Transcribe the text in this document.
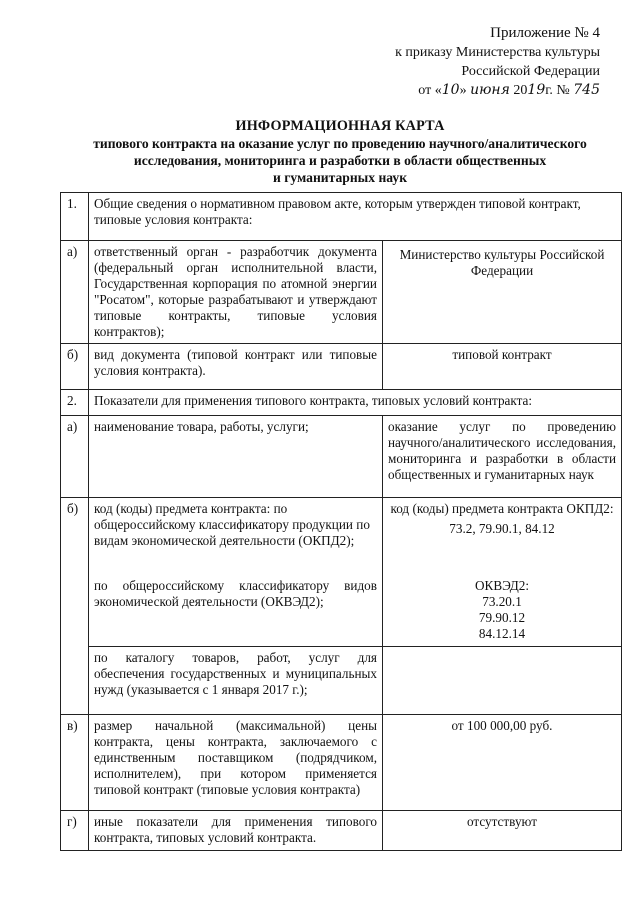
Приложение № 4
к приказу Министерства культуры
Российской Федерации
от «10» июня 2019г. № 745
ИНФОРМАЦИОННАЯ КАРТА
типового контракта на оказание услуг по проведению научного/аналитического
исследования, мониторинга и разработки в области общественных
и гуманитарных наук
1.	Общие сведения о нормативном правовом акте, которым утвержден типовой контракт, типовые условия контракта:	
а)	ответственный орган - разработчик документа (федеральный орган исполнительной власти, Государственная корпорация по атомной энергии "Росатом", которые разрабатывают и утверждают типовые контракты, типовые условия контрактов);	Министерство культуры Российской Федерации
б)	вид документа (типовой контракт или типовые условия контракта).	типовой контракт
2.	Показатели для применения типового контракта, типовых условий контракта:	
а)	наименование товара, работы, услуги;	оказание услуг по проведению научного/аналитического исследования, мониторинга и разработки в области общественных и гуманитарных наук
б)	код (коды) предмета контракта: по общероссийскому классификатору продукции по видам экономической деятельности (ОКПД2);	код (коды) предмета контракта ОКПД2:
73.2, 79.90.1, 84.12

	по общероссийскому классификатору видов экономической деятельности (ОКВЭД2);	ОКВЭД2:
73.20.1
79.90.12
84.12.14

	по каталогу товаров, работ, услуг для обеспечения государственных и муниципальных нужд (указывается с 1 января 2017 г.);	
в)	размер начальной (максимальной) цены контракта, цены контракта, заключаемого с единственным поставщиком (подрядчиком, исполнителем), при котором применяется типовой контракт (типовые условия контракта)	от 100 000,00 руб.
г)	иные показатели для применения типового контракта, типовых условий контракта.	отсутствуют
